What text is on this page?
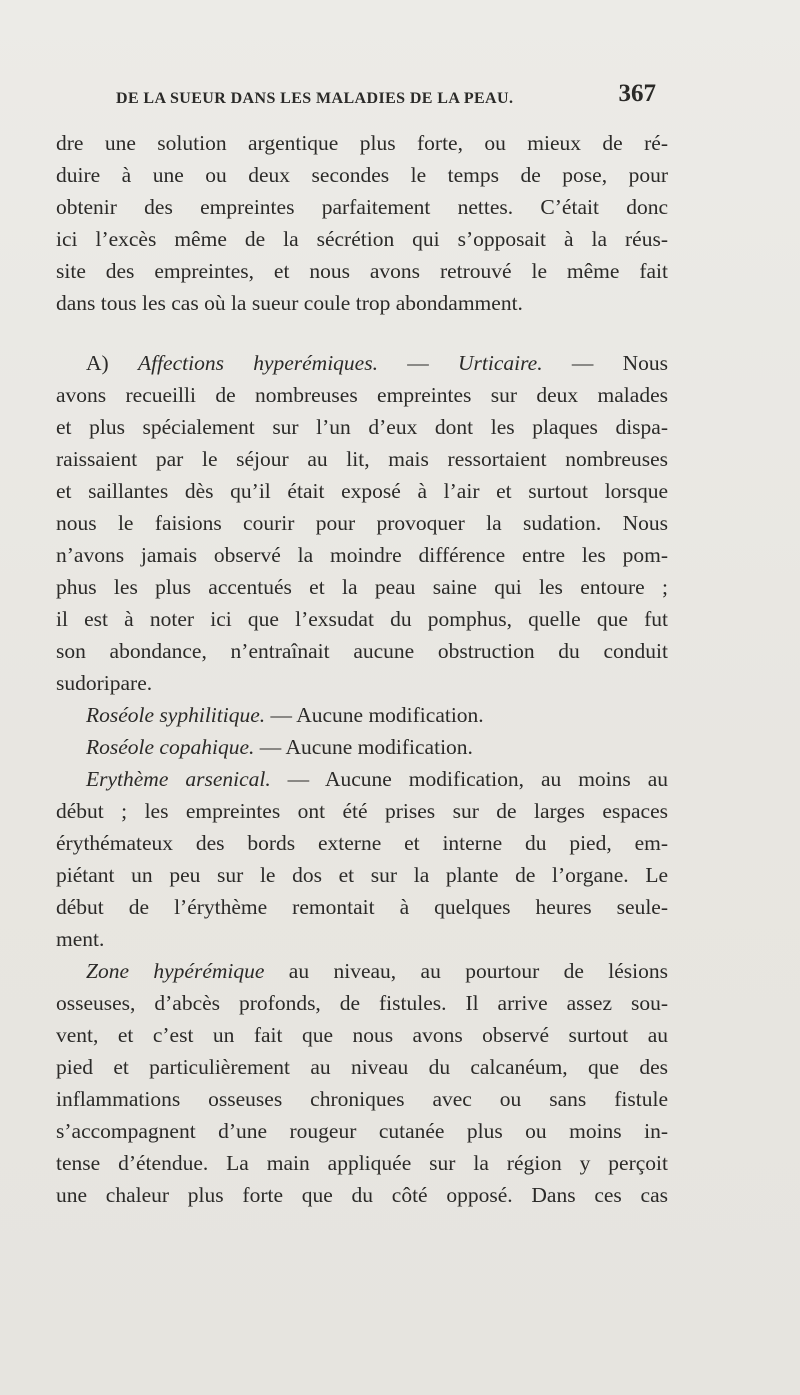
DE LA SUEUR DANS LES MALADIES DE LA PEAU.	367
dre une solution argentique plus forte, ou mieux de ré-
duire à une ou deux secondes le temps de pose, pour
obtenir des empreintes parfaitement nettes. C’était donc
ici l’excès même de la sécrétion qui s’opposait à la réus-
site des empreintes, et nous avons retrouvé le même fait
dans tous les cas où la sueur coule trop abondamment.
A) Affections hyperémiques. — Urticaire. — Nous
avons recueilli de nombreuses empreintes sur deux malades
et plus spécialement sur l’un d’eux dont les plaques dispa-
raissaient par le séjour au lit, mais ressortaient nombreuses
et saillantes dès qu’il était exposé à l’air et surtout lorsque
nous le faisions courir pour provoquer la sudation. Nous
n’avons jamais observé la moindre différence entre les pom-
phus les plus accentués et la peau saine qui les entoure ;
il est à noter ici que l’exsudat du pomphus, quelle que fut
son abondance, n’entraînait aucune obstruction du conduit
sudoripare.
Roséole syphilitique. — Aucune modification.
Roséole copahique. — Aucune modification.
Erythème arsenical. — Aucune modification, au moins au
début ; les empreintes ont été prises sur de larges espaces
érythémateux des bords externe et interne du pied, em-
piétant un peu sur le dos et sur la plante de l’organe. Le
début de l’érythème remontait à quelques heures seule-
ment.
Zone hypérémique au niveau, au pourtour de lésions
osseuses, d’abcès profonds, de fistules. Il arrive assez sou-
vent, et c’est un fait que nous avons observé surtout au
pied et particulièrement au niveau du calcanéum, que des
inflammations osseuses chroniques avec ou sans fistule
s’accompagnent d’une rougeur cutanée plus ou moins in-
tense d’étendue. La main appliquée sur la région y perçoit
une chaleur plus forte que du côté opposé. Dans ces cas
